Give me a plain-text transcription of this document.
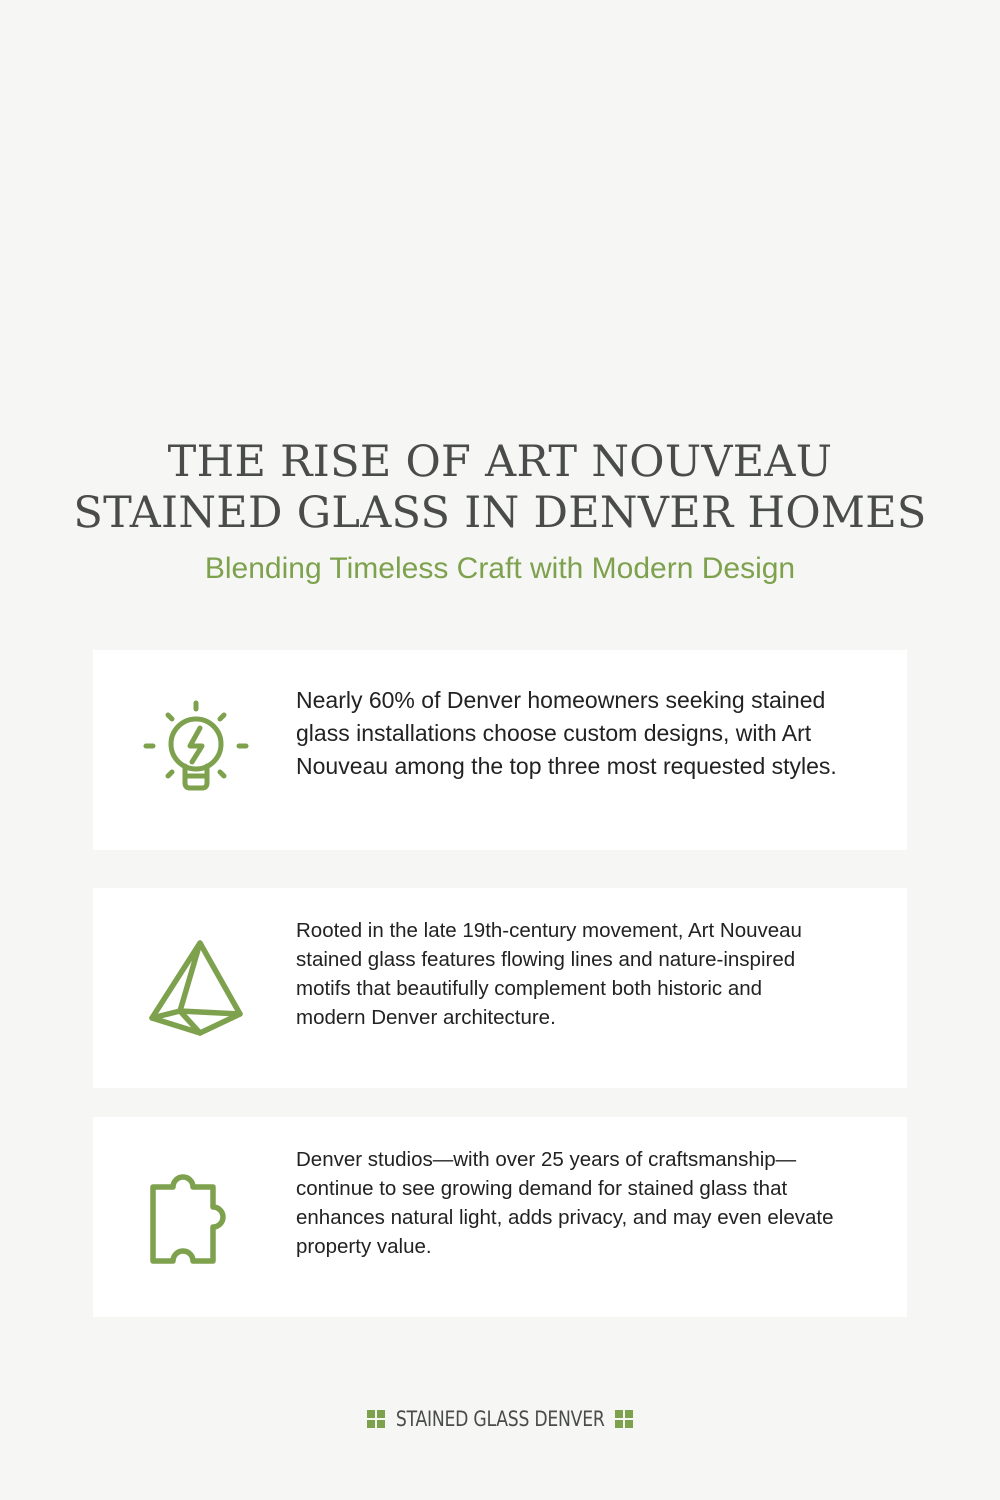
THE RISE OF ART NOUVEAU
STAINED GLASS IN DENVER HOMES
Blending Timeless Craft with Modern Design

Nearly 60% of Denver homeowners seeking stained glass installations choose custom designs, with Art Nouveau among the top three most requested styles.

Rooted in the late 19th-century movement, Art Nouveau stained glass features flowing lines and nature-inspired motifs that beautifully complement both historic and modern Denver architecture.

Denver studios—with over 25 years of craftsmanship—continue to see growing demand for stained glass that enhances natural light, adds privacy, and may even elevate property value.

STAINED GLASS DENVER
